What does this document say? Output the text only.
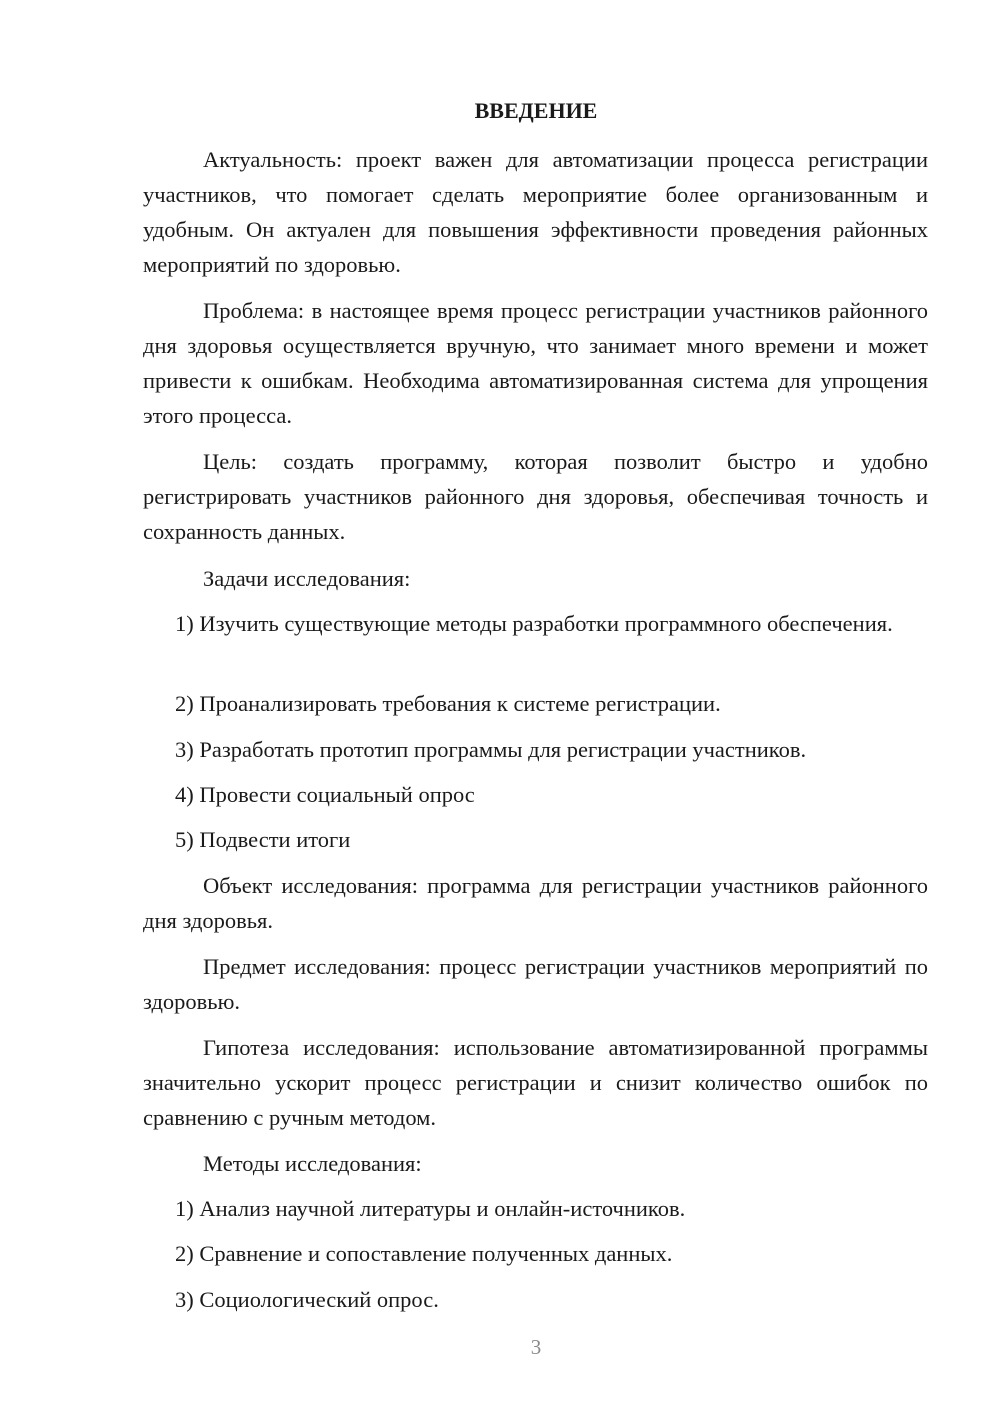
ВВЕДЕНИЕ

Актуальность: проект важен для автоматизации процесса регистрации участников, что помогает сделать мероприятие более организованным и удобным. Он актуален для повышения эффективности проведения районных мероприятий по здоровью.

Проблема: в настоящее время процесс регистрации участников районного дня здоровья осуществляется вручную, что занимает много времени и может привести к ошибкам. Необходима автоматизированная система для упрощения этого процесса.

Цель: создать программу, которая позволит быстро и удобно регистрировать участников районного дня здоровья, обеспечивая точность и сохранность данных.

Задачи исследования:

1) Изучить существующие методы разработки программного обеспечения.

2) Проанализировать требования к системе регистрации.
3) Разработать прототип программы для регистрации участников.
4) Провести социальный опрос
5) Подвести итоги

Объект исследования: программа для регистрации участников районного дня здоровья.

Предмет исследования: процесс регистрации участников мероприятий по здоровью.

Гипотеза исследования: использование автоматизированной программы значительно ускорит процесс регистрации и снизит количество ошибок по сравнению с ручным методом.

Методы исследования:
1) Анализ научной литературы и онлайн-источников.
2) Сравнение и сопоставление полученных данных.
3) Социологический опрос.
3
